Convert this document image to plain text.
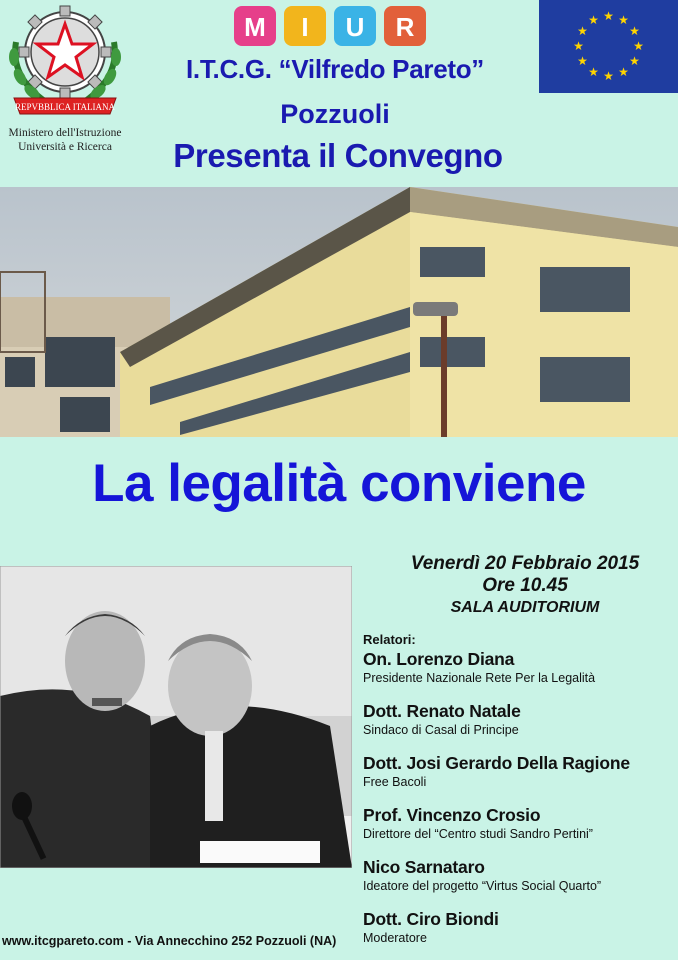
REPVBBLICA ITALIANA
Ministero dell'Istruzione
Università e Ricerca
M I U R
I.T.C.G. “Vilfredo Pareto”
Pozzuoli
Presenta il Convegno
★ ★
★
★
★
★
★
★
★
★
★
★
La legalità conviene
Venerdì 20 Febbraio 2015
Ore 10.45
SALA AUDITORIUM

Relatori:

On. Lorenzo Diana

Presidente Nazionale Rete Per la Legalità

Dott. Renato Natale

Sindaco di Casal di Principe

Dott. Josi Gerardo Della Ragione

Free Bacoli

Prof. Vincenzo Crosio

Direttore del “Centro studi Sandro Pertini”

Nico Sarnataro

Ideatore del progetto “Virtus Social Quarto”

Dott. Ciro Biondi

Moderatore

www.itcgpareto.com - Via Annecchino 252 Pozzuoli (NA)
